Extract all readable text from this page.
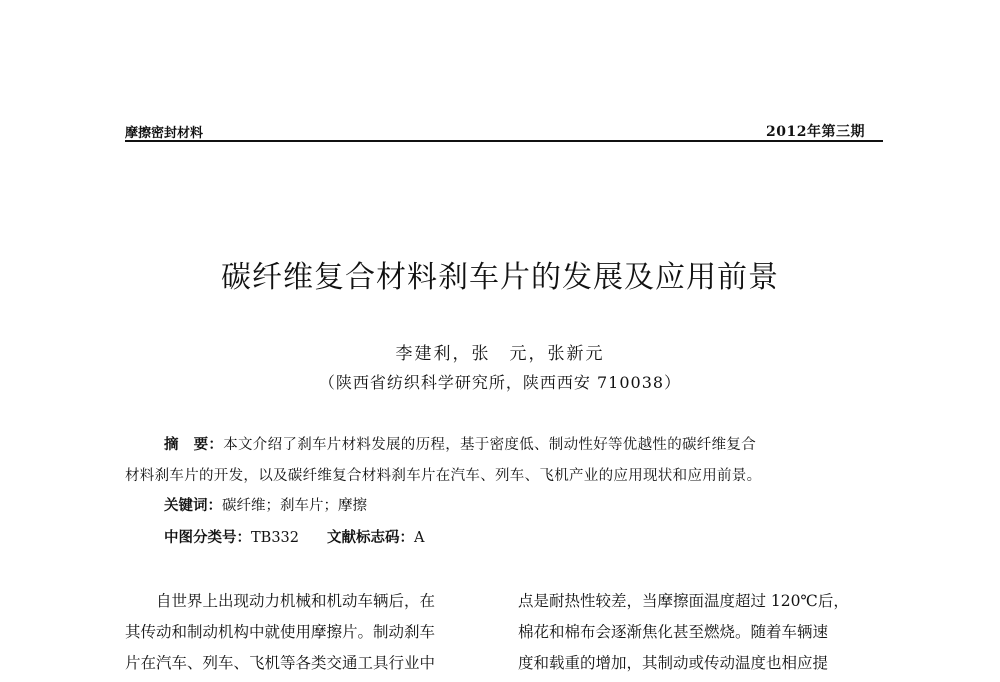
摩擦密封材料	2012年第三期
碳纤维复合材料刹车片的发展及应用前景
李建利，张　元，张新元
（陕西省纺织科学研究所，陕西西安 710038）
摘　要：本文介绍了刹车片材料发展的历程，基于密度低、制动性好等优越性的碳纤维复合
材料刹车片的开发，以及碳纤维复合材料刹车片在汽车、列车、飞机产业的应用现状和应用前景。
关键词：碳纤维；刹车片；摩擦
中图分类号：TB332 文献标志码：A
　　自世界上出现动力机械和机动车辆后，在
其传动和制动机构中就使用摩擦片。制动刹车
片在汽车、列车、飞机等各类交通工具行业中
点是耐热性较差，当摩擦面温度超过 120℃后，
棉花和棉布会逐渐焦化甚至燃烧。随着车辆速
度和载重的增加，其制动或传动温度也相应提
